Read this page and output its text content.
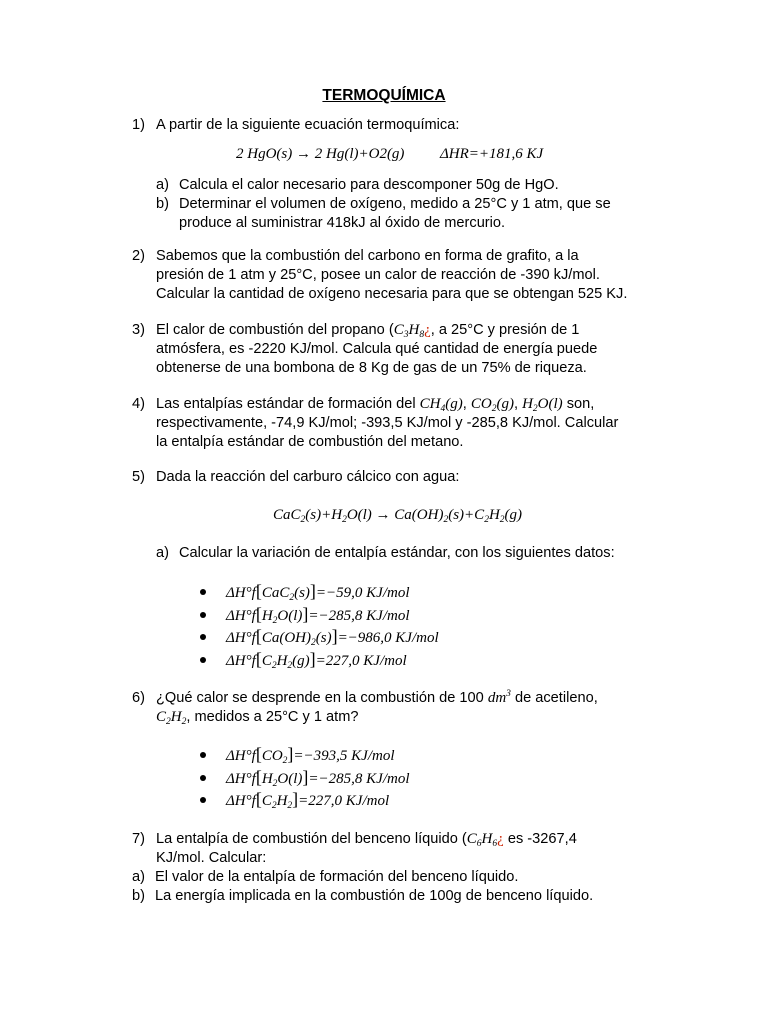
TERMOQUÍMICA
1) A partir de la siguiente ecuación termoquímica:
2 HgO(s) → 2 Hg(l)+O2(g) ΔHR=+181,6 KJ
a) Calcula el calor necesario para descomponer 50g de HgO.
b) Determinar el volumen de oxígeno, medido a 25°C y 1 atm, que se
produce al suministrar 418kJ al óxido de mercurio.
2) Sabemos que la combustión del carbono en forma de grafito, a la
presión de 1 atm y 25°C, posee un calor de reacción de -390 kJ/mol.
Calcular la cantidad de oxígeno necesaria para que se obtengan 525 KJ.
3) El calor de combustión del propano ($C_3H_8¿$, a 25°C y presión de 1
atmósfera, es -2220 KJ/mol. Calcula qué cantidad de energía puede
obtenerse de una bombona de 8 Kg de gas de un 75% de riqueza.
4) Las entalpías estándar de formación del $CH_4(g)$, $CO_2(g)$, $H_2O(l)$ son,
respectivamente, -74,9 KJ/mol; -393,5 KJ/mol y -285,8 KJ/mol. Calcular
la entalpía estándar de combustión del metano.
5) Dada la reacción del carburo cálcico con agua:
$CaC_2(s)+H_2O(l) \to Ca(OH)_2(s)+C_2H_2(g)$
a) Calcular la variación de entalpía estándar, con los siguientes datos:
ΔH°f[CaC$_2$(s)]=−59,0 KJ/mol
$\Delta H^\circ f[H_2O(l)]=-285,8$ KJ/mol
$\Delta H^\circ f[Ca(OH)_2(s)]=-986,0$ KJ/mol
$\Delta H^\circ f[C_2H_2(g)]=227,0$ KJ/mol
6) ¿Qué calor se desprende en la combustión de 100 $dm^3$ de acetileno,
$C_2H_2$, medidos a 25°C y 1 atm?
$\Delta H^\circ f[CO_2]=-393,5$ KJ/mol
$\Delta H^\circ f[H_2O(l)]=-285,8$ KJ/mol
$\Delta H^\circ f[C_2H_2]=227,0$ KJ/mol
7) La entalpía de combustión del benceno líquido ($C_6H_6¿$ es -3267,4
KJ/mol. Calcular:
a) El valor de la entalpía de formación del benceno líquido.
b) La energía implicada en la combustión de 100g de benceno líquido.
